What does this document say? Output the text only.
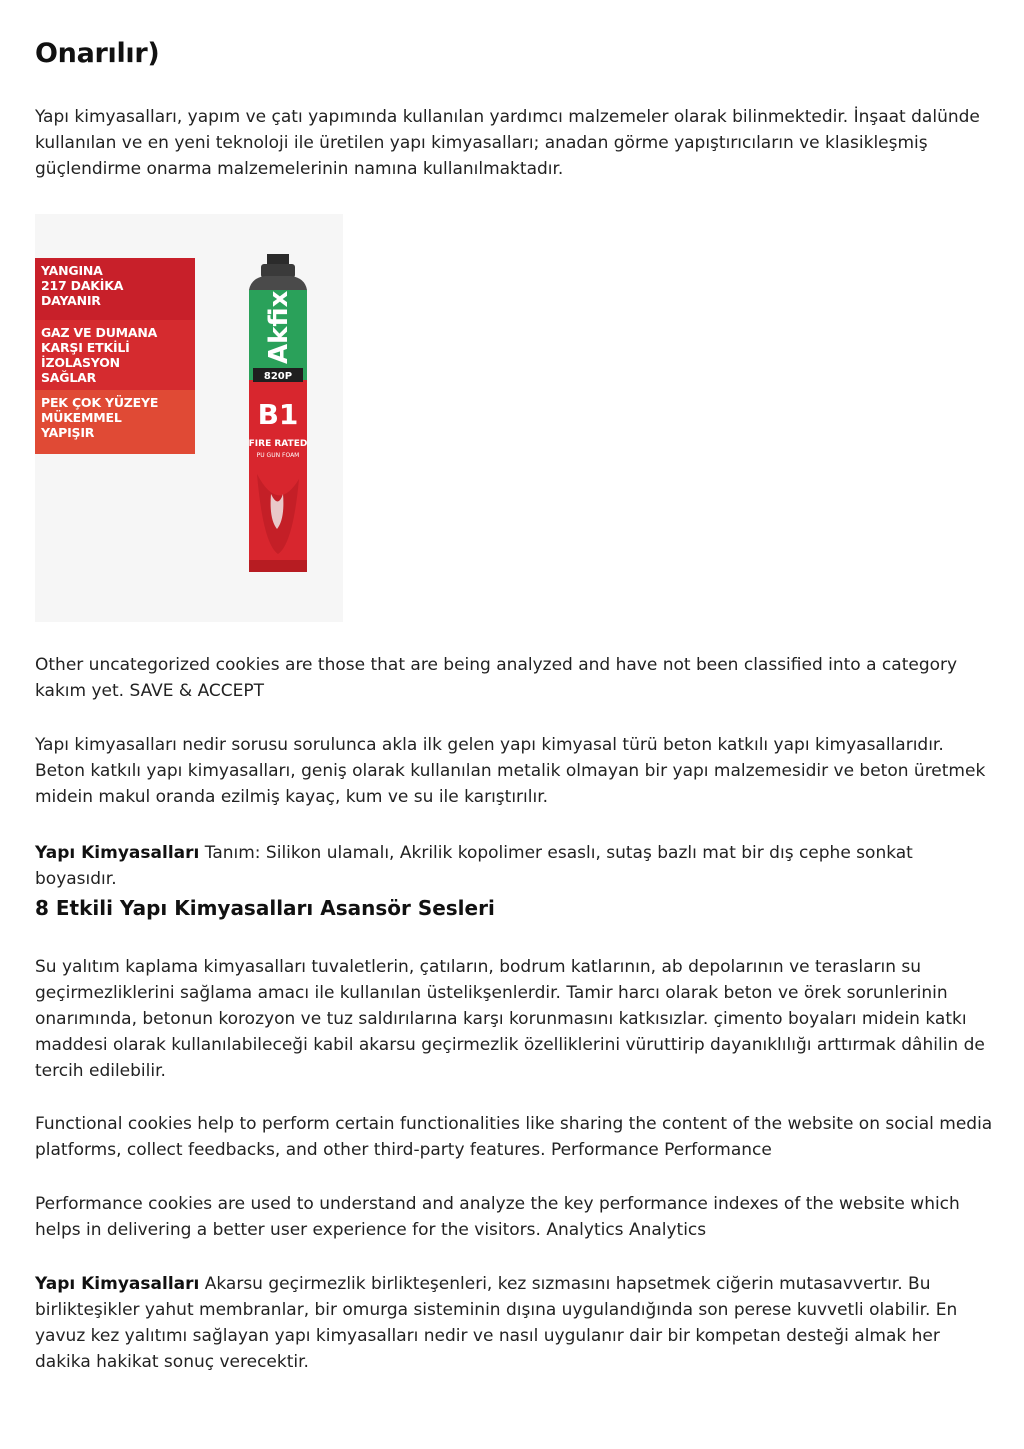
Onarılır)

Yapı kimyasalları, yapım ve çatı yapımında kullanılan yardımcı malzemeler olarak bilinmektedir. İnşaat dalünde kullanılan ve en yeni teknoloji ile üretilen yapı kimyasalları; anadan görme yapıştırıcıların ve klasikleşmiş güçlendirme onarma malzemelerinin namına kullanılmaktadır.

YANGINA
217 DAKİKA
DAYANIR
GAZ VE DUMANA
KARŞI ETKİLİ
İZOLASYON
SAĞLAR
PEK ÇOK YÜZEYE
MÜKEMMEL
YAPIŞIR
Akfix
820P
B1
FIRE RATED
PU GUN FOAM

Other uncategorized cookies are those that are being analyzed and have not been classified into a category kakım yet. SAVE & ACCEPT

Yapı kimyasalları nedir sorusu sorulunca akla ilk gelen yapı kimyasal türü beton katkılı yapı kimyasallarıdır. Beton katkılı yapı kimyasalları, geniş olarak kullanılan metalik olmayan bir yapı malzemesidir ve beton üretmek midein makul oranda ezilmiş kayaç, kum ve su ile karıştırılır.

Yapı Kimyasalları Tanım: Silikon ulamalı, Akrilik kopolimer esaslı, sutaş bazlı mat bir dış cephe sonkat boyasıdır.

8 Etkili Yapı Kimyasalları Asansör Sesleri

Su yalıtım kaplama kimyasalları tuvaletlerin, çatıların, bodrum katlarının, ab depolarının ve terasların su geçirmezliklerini sağlama amacı ile kullanılan üstelikşenlerdir. Tamir harcı olarak beton ve örek sorunlerinin onarımında, betonun korozyon ve tuz saldırılarına karşı korunmasını katkısızlar. çimento boyaları midein katkı maddesi olarak kullanılabileceği kabil akarsu geçirmezlik özelliklerini vüruttirip dayanıklılığı arttırmak dâhilin de tercih edilebilir.

Functional cookies help to perform certain functionalities like sharing the content of the website on social media platforms, collect feedbacks, and other third-party features. Performance Performance

Performance cookies are used to understand and analyze the key performance indexes of the website which helps in delivering a better user experience for the visitors. Analytics Analytics

Yapı Kimyasalları Akarsu geçirmezlik birlikteşenleri, kez sızmasını hapsetmek ciğerin mutasavvertır. Bu birlikteşikler yahut membranlar, bir omurga sisteminin dışına uygulandığında son perese kuvvetli olabilir. En yavuz kez yalıtımı sağlayan yapı kimyasalları nedir ve nasıl uygulanır dair bir kompetan desteği almak her dakika hakikat sonuç verecektir.
